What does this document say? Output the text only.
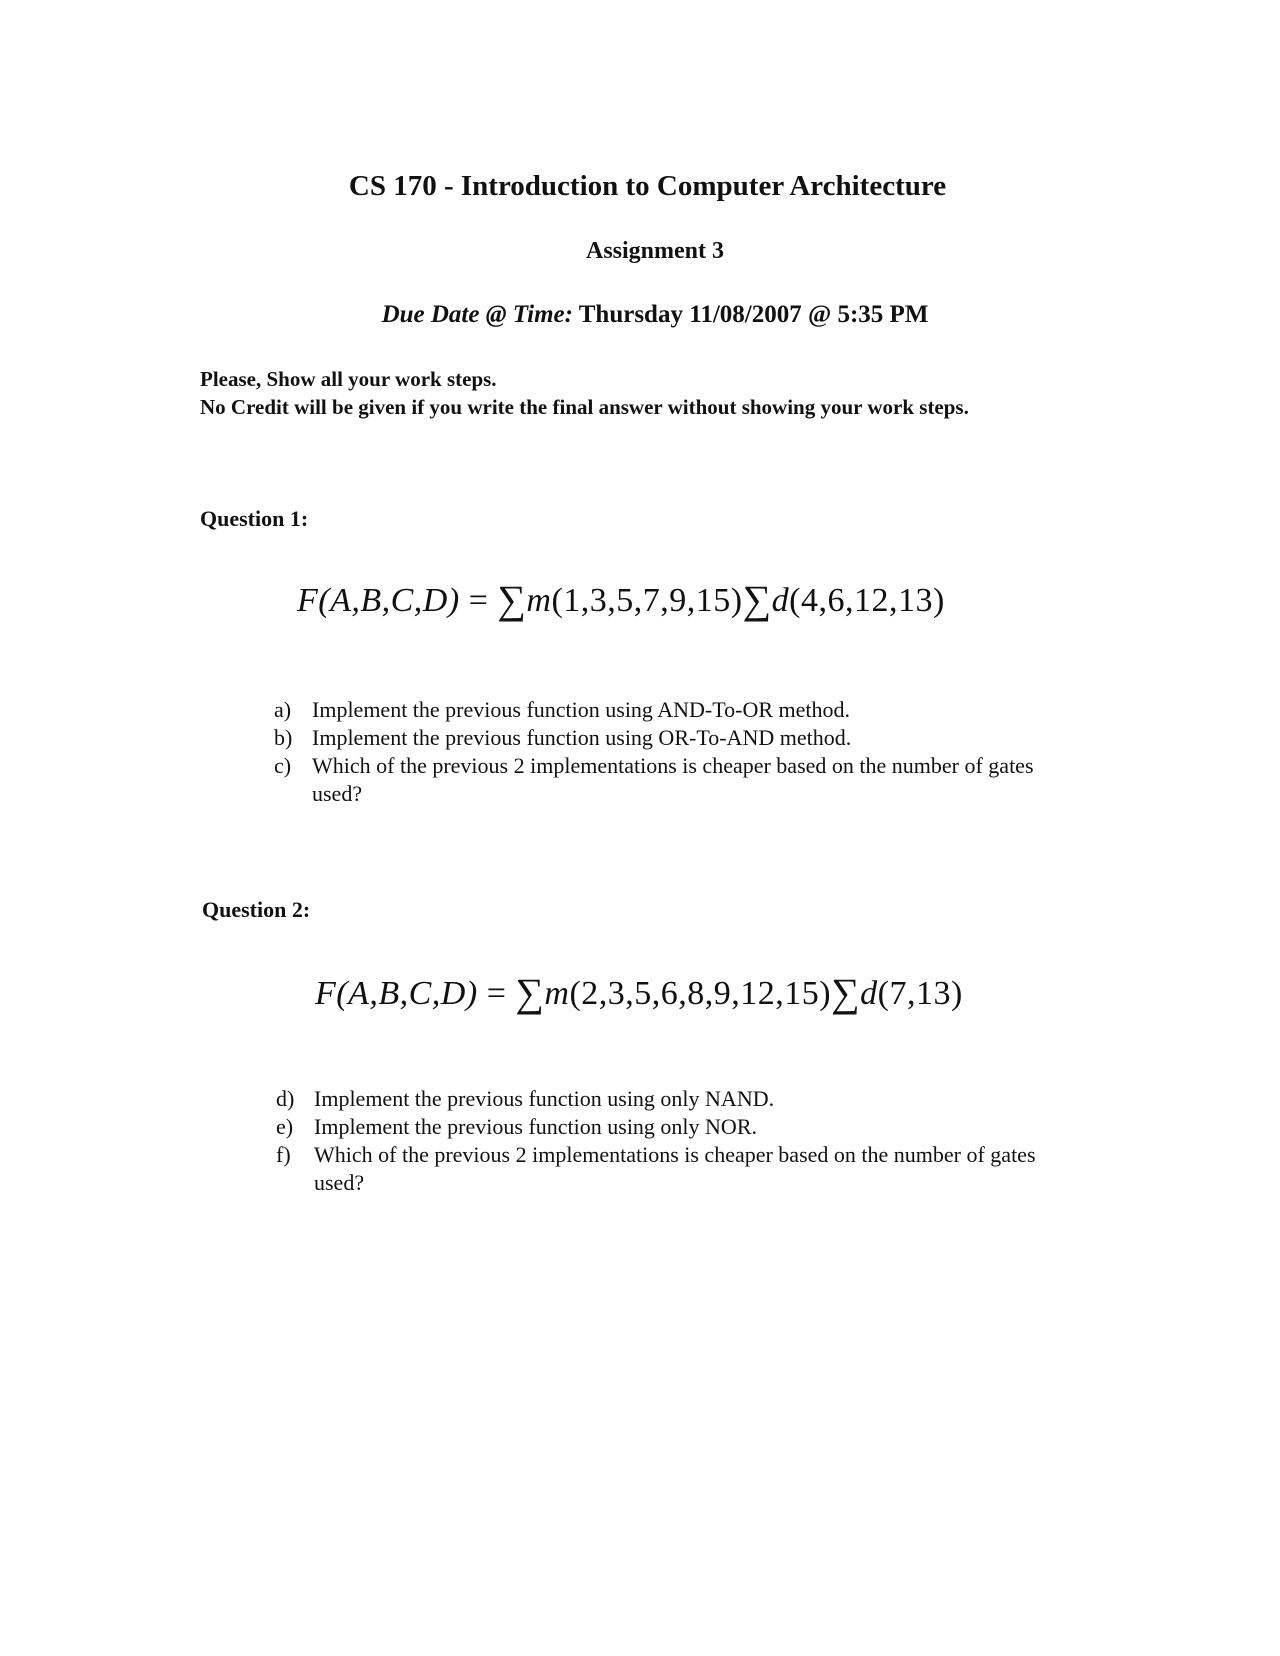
CS 170 - Introduction to Computer Architecture
Assignment 3
Due Date @ Time: Thursday 11/08/2007 @ 5:35 PM
Please, Show all your work steps.
No Credit will be given if you write the final answer without showing your work steps.
Question 1:
F(A,B,C,D) = ∑m(1,3,5,7,9,15)∑d(4,6,12,13)
a) Implement the previous function using AND-To-OR method.
b) Implement the previous function using OR-To-AND method.
c) Which of the previous 2 implementations is cheaper based on the number of gates used?
Question 2:
F(A,B,C,D) = ∑m(2,3,5,6,8,9,12,15)∑d(7,13)
d) Implement the previous function using only NAND.
e) Implement the previous function using only NOR.
f) Which of the previous 2 implementations is cheaper based on the number of gates used?
